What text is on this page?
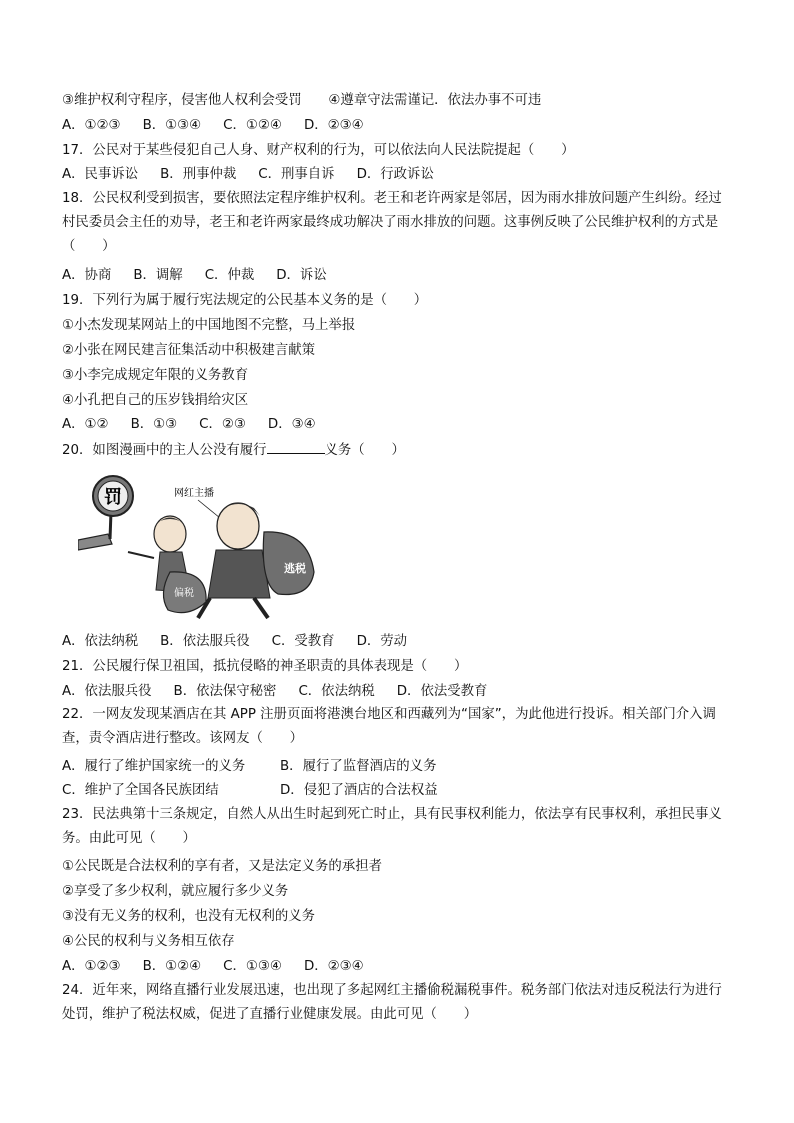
③维护权利守程序，侵害他人权利会受罚　　④遵章守法需谨记．依法办事不可违
A．①②③ B．①③④ C．①②④ D．②③④
17．公民对于某些侵犯自己人身、财产权利的行为，可以依法向人民法院提起（　　）
A．民事诉讼 B．刑事仲裁 C．刑事自诉 D．行政诉讼
18．公民权利受到损害，要依照法定程序维护权利。老王和老许两家是邻居，因为雨水排放问题产生纠纷。经过村民委员会主任的劝导，老王和老许两家最终成功解决了雨水排放的问题。这事例反映了公民维护权利的方式是（　　）
A．协商 B．调解 C．仲裁 D．诉讼
19．下列行为属于履行宪法规定的公民基本义务的是（　　）
①小杰发现某网站上的中国地图不完整，马上举报
②小张在网民建言征集活动中积极建言献策
③小李完成规定年限的义务教育
④小孔把自己的压岁钱捐给灾区
A．①② B．①③ C．②③ D．③④
20．如图漫画中的主人公没有履行	义务（　　）
罚	网红主播
逃税
偏税
A．依法纳税 B．依法服兵役 C．受教育 D．劳动
21．公民履行保卫祖国，抵抗侵略的神圣职责的具体表现是（　　）
A．依法服兵役 B．依法保守秘密 C．依法纳税 D．依法受教育
22．一网友发现某酒店在其 APP 注册页面将港澳台地区和西藏列为“国家”，为此他进行投诉。相关部门介入调查，责令酒店进行整改。该网友（　　）
A．履行了维护国家统一的义务	B．履行了监督酒店的义务
C．维护了全国各民族团结	D．侵犯了酒店的合法权益
23．民法典第十三条规定，自然人从出生时起到死亡时止，具有民事权利能力，依法享有民事权利，承担民事义务。由此可见（　　）
①公民既是合法权利的享有者，又是法定义务的承担者
②享受了多少权利，就应履行多少义务
③没有无义务的权利，也没有无权利的义务
④公民的权利与义务相互依存
A．①②③ B．①②④ C．①③④ D．②③④
24．近年来，网络直播行业发展迅速，也出现了多起网红主播偷税漏税事件。税务部门依法对违反税法行为进行处罚，维护了税法权威，促进了直播行业健康发展。由此可见（　　）
